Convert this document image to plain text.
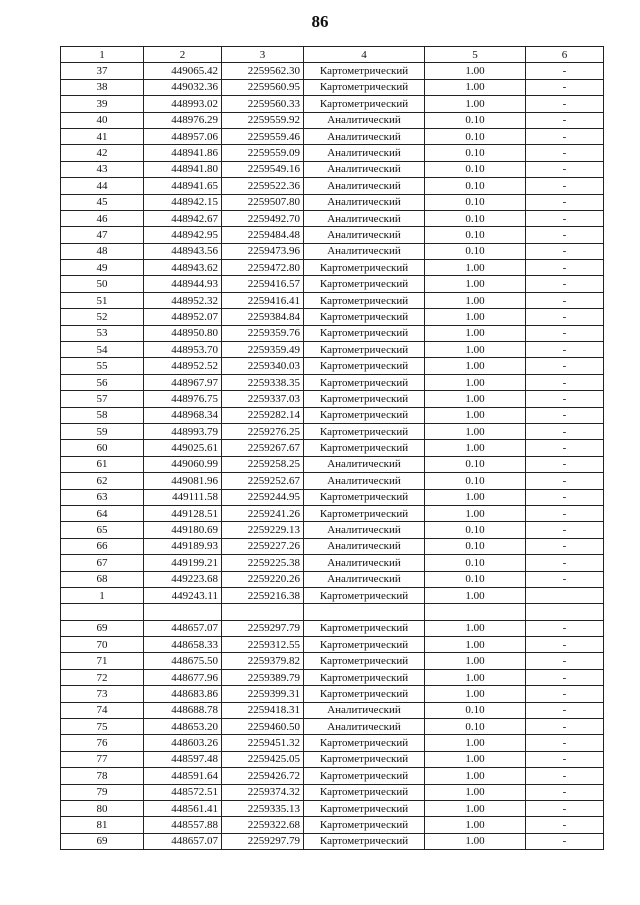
86
1	2	3	4	5	6
37	449065.42	2259562.30	Картометрический	1.00	-
38	449032.36	2259560.95	Картометрический	1.00	-
39	448993.02	2259560.33	Картометрический	1.00	-
40	448976.29	2259559.92	Аналитический	0.10	-
41	448957.06	2259559.46	Аналитический	0.10	-
42	448941.86	2259559.09	Аналитический	0.10	-
43	448941.80	2259549.16	Аналитический	0.10	-
44	448941.65	2259522.36	Аналитический	0.10	-
45	448942.15	2259507.80	Аналитический	0.10	-
46	448942.67	2259492.70	Аналитический	0.10	-
47	448942.95	2259484.48	Аналитический	0.10	-
48	448943.56	2259473.96	Аналитический	0.10	-
49	448943.62	2259472.80	Картометрический	1.00	-
50	448944.93	2259416.57	Картометрический	1.00	-
51	448952.32	2259416.41	Картометрический	1.00	-
52	448952.07	2259384.84	Картометрический	1.00	-
53	448950.80	2259359.76	Картометрический	1.00	-
54	448953.70	2259359.49	Картометрический	1.00	-
55	448952.52	2259340.03	Картометрический	1.00	-
56	448967.97	2259338.35	Картометрический	1.00	-
57	448976.75	2259337.03	Картометрический	1.00	-
58	448968.34	2259282.14	Картометрический	1.00	-
59	448993.79	2259276.25	Картометрический	1.00	-
60	449025.61	2259267.67	Картометрический	1.00	-
61	449060.99	2259258.25	Аналитический	0.10	-
62	449081.96	2259252.67	Аналитический	0.10	-
63	449111.58	2259244.95	Картометрический	1.00	-
64	449128.51	2259241.26	Картометрический	1.00	-
65	449180.69	2259229.13	Аналитический	0.10	-
66	449189.93	2259227.26	Аналитический	0.10	-
67	449199.21	2259225.38	Аналитический	0.10	-
68	449223.68	2259220.26	Аналитический	0.10	-
1	449243.11	2259216.38	Картометрический	1.00	

69	448657.07	2259297.79	Картометрический	1.00	-
70	448658.33	2259312.55	Картометрический	1.00	-
71	448675.50	2259379.82	Картометрический	1.00	-
72	448677.96	2259389.79	Картометрический	1.00	-
73	448683.86	2259399.31	Картометрический	1.00	-
74	448688.78	2259418.31	Аналитический	0.10	-
75	448653.20	2259460.50	Аналитический	0.10	-
76	448603.26	2259451.32	Картометрический	1.00	-
77	448597.48	2259425.05	Картометрический	1.00	-
78	448591.64	2259426.72	Картометрический	1.00	-
79	448572.51	2259374.32	Картометрический	1.00	-
80	448561.41	2259335.13	Картометрический	1.00	-
81	448557.88	2259322.68	Картометрический	1.00	-
69	448657.07	2259297.79	Картометрический	1.00	-
